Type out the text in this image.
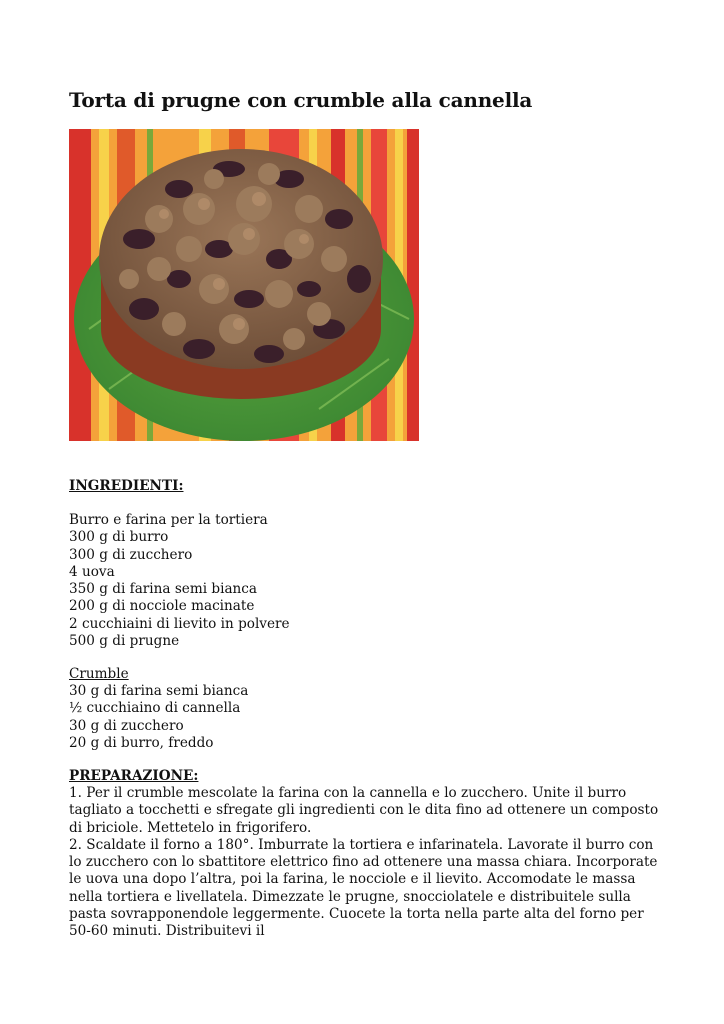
Torta di prugne con crumble alla cannella
INGREDIENTI:
Burro e farina per la tortiera
300 g di burro
300 g di zucchero
4 uova
350 g di farina semi bianca
200 g di nocciole macinate
2 cucchiaini di lievito in polvere
500 g di prugne
Crumble
30 g di farina semi bianca
½ cucchiaino di cannella
30 g di zucchero
20 g di burro, freddo
PREPARAZIONE:

1. Per il crumble mescolate la farina con la cannella e lo zucchero. Unite il burro tagliato a tocchetti e sfregate gli ingredienti con le dita fino ad ottenere un composto di briciole. Mettetelo in frigorifero.

2. Scaldate il forno a 180°. Imburrate la tortiera e infarinatela. Lavorate il burro con lo zucchero con lo sbattitore elettrico fino ad ottenere una massa chiara. Incorporate le uova una dopo l’altra, poi la farina, le nocciole e il lievito. Accomodate le massa nella tortiera e livellatela. Dimezzate le prugne, snocciolatele e distribuitele sulla pasta sovrapponendole leggermente. Cuocete la torta nella parte alta del forno per 50-60 minuti. Distribuitevi il
